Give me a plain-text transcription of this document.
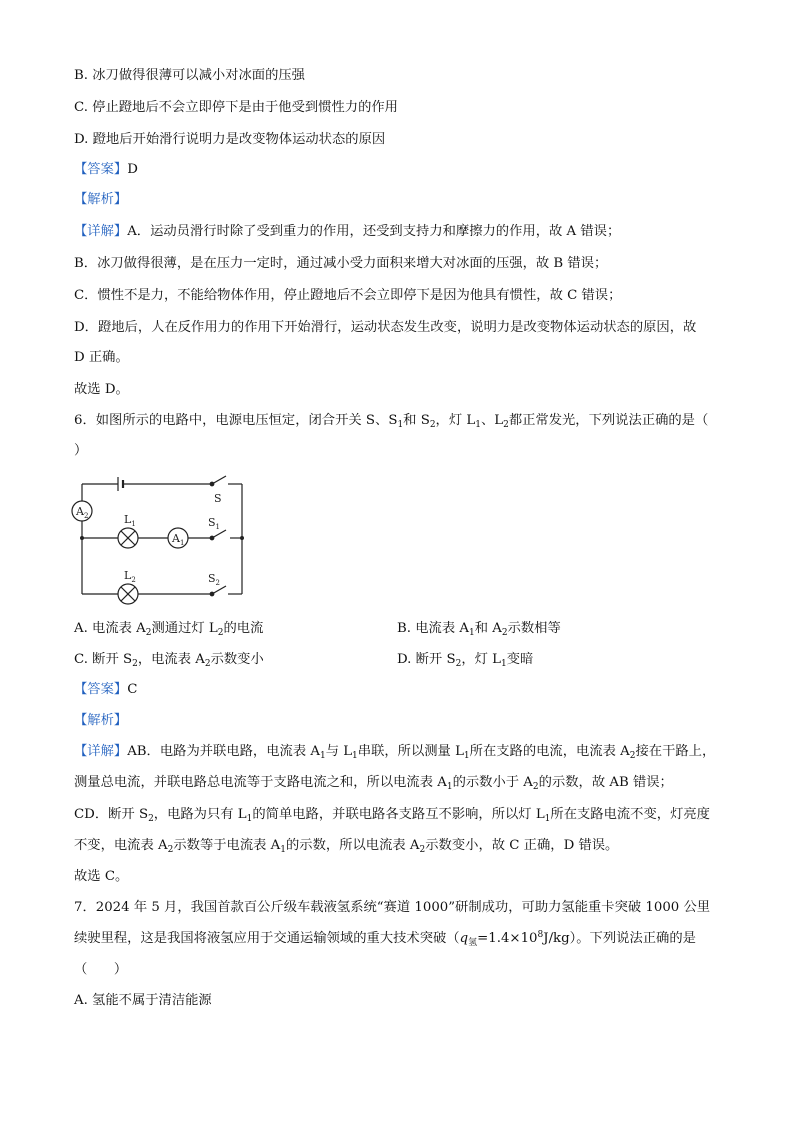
B. 冰刀做得很薄可以减小对冰面的压强
C. 停止蹬地后不会立即停下是由于他受到惯性力的作用
D. 蹬地后开始滑行说明力是改变物体运动状态的原因
【答案】D
【解析】
【详解】A．运动员滑行时除了受到重力的作用，还受到支持力和摩擦力的作用，故 A 错误；
B．冰刀做得很薄，是在压力一定时，通过减小受力面积来增大对冰面的压强，故 B 错误；
C．惯性不是力，不能给物体作用，停止蹬地后不会立即停下是因为他具有惯性，故 C 错误；
D．蹬地后，人在反作用力的作用下开始滑行，运动状态发生改变，说明力是改变物体运动状态的原因，故
D 正确。
故选 D。
6．如图所示的电路中，电源电压恒定，闭合开关 S、$S_1$和 $S_2$，灯 $L_1$、$L_2$都正常发光，下列说法正确的是（
）
$A_2$
$A_1$
$L_1$
$L_2$
S
$S_1$
$S_2$
A. 电流表 $A_2$测通过灯 $L_2$的电流	B. 电流表 $A_1$和 $A_2$示数相等
C. 断开 $S_2$，电流表 $A_2$示数变小	D. 断开 $S_2$，灯 $L_1$变暗
【答案】C
【解析】
【详解】AB．电路为并联电路，电流表 $A_1$与 $L_1$串联，所以测量 $L_1$所在支路的电流，电流表 $A_2$接在干路上，
测量总电流，并联电路总电流等于支路电流之和，所以电流表 $A_1$的示数小于 $A_2$的示数，故 AB 错误；
CD．断开 $S_2$，电路为只有 $L_1$的简单电路，并联电路各支路互不影响，所以灯 $L_1$所在支路电流不变，灯亮度
不变，电流表 $A_2$示数等于电流表 $A_1$的示数，所以电流表 $A_2$示数变小，故 C 正确，D 错误。
故选 C。
7．2024 年 5 月，我国首款百公斤级车载液氢系统“赛道 1000”研制成功，可助力氢能重卡突破 1000 公里
续驶里程，这是我国将液氢应用于交通运输领域的重大技术突破$(q_氢=1.4\times 10^8J/kg)$。下列说法正确的是
（　　）
A. 氢能不属于清洁能源
